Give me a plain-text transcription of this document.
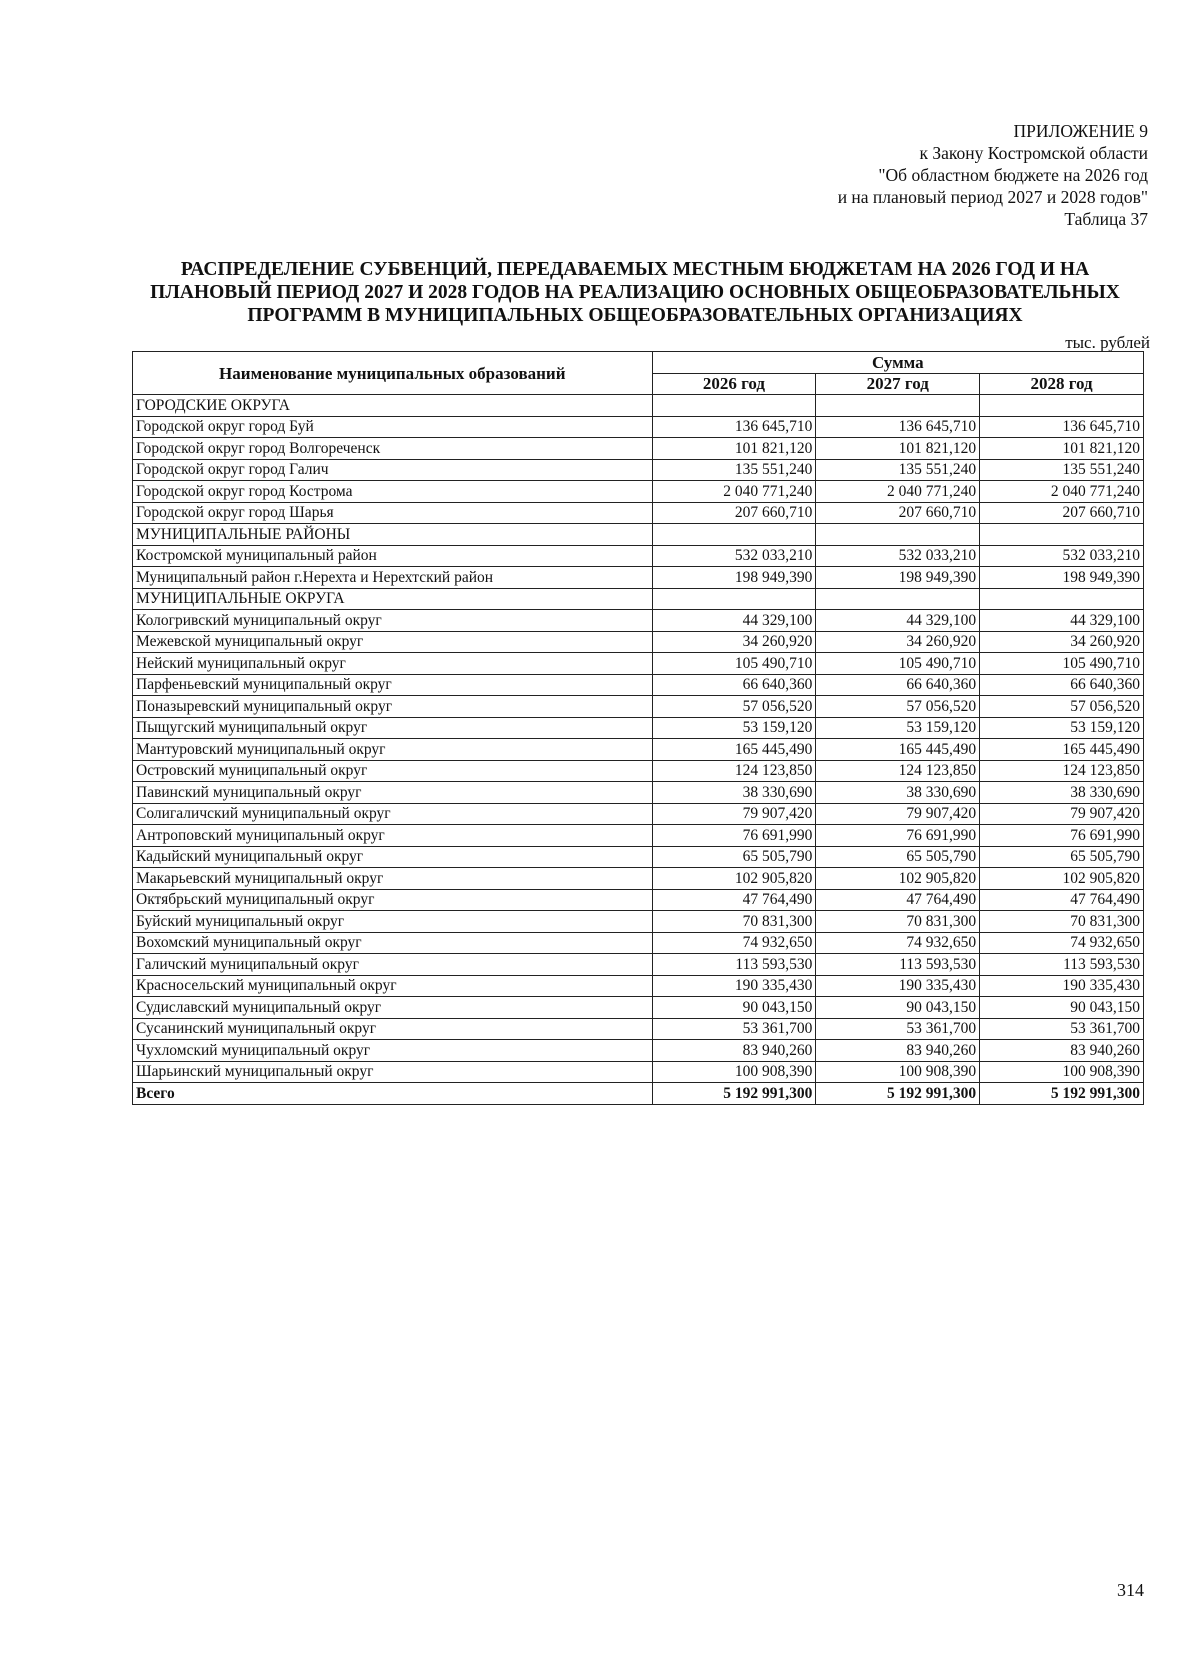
ПРИЛОЖЕНИЕ 9
к Закону Костромской области
"Об областном бюджете на 2026 год
и на плановый период 2027 и 2028 годов"
Таблица 37
РАСПРЕДЕЛЕНИЕ СУБВЕНЦИЙ, ПЕРЕДАВАЕМЫХ МЕСТНЫМ БЮДЖЕТАМ НА 2026 ГОД И НА
ПЛАНОВЫЙ ПЕРИОД 2027 И 2028 ГОДОВ НА РЕАЛИЗАЦИЮ ОСНОВНЫХ ОБЩЕОБРАЗОВАТЕЛЬНЫХ
ПРОГРАММ В МУНИЦИПАЛЬНЫХ ОБЩЕОБРАЗОВАТЕЛЬНЫХ ОРГАНИЗАЦИЯХ
тыс. рублей
Наименование муниципальных образований	Сумма		
	2026 год	2027 год	2028 год
ГОРОДСКИЕ ОКРУГА			
Городской округ город Буй	136 645,710	136 645,710	136 645,710
Городской округ город Волгореченск	101 821,120	101 821,120	101 821,120
Городской округ город Галич	135 551,240	135 551,240	135 551,240
Городской округ город Кострома	2 040 771,240	2 040 771,240	2 040 771,240
Городской округ город Шарья	207 660,710	207 660,710	207 660,710
МУНИЦИПАЛЬНЫЕ РАЙОНЫ			
Костромской муниципальный район	532 033,210	532 033,210	532 033,210
Муниципальный район г.Нерехта и Нерехтский район	198 949,390	198 949,390	198 949,390
МУНИЦИПАЛЬНЫЕ ОКРУГА			
Кологривский муниципальный округ	44 329,100	44 329,100	44 329,100
Межевской муниципальный округ	34 260,920	34 260,920	34 260,920
Нейский муниципальный округ	105 490,710	105 490,710	105 490,710
Парфеньевский муниципальный округ	66 640,360	66 640,360	66 640,360
Поназыревский муниципальный округ	57 056,520	57 056,520	57 056,520
Пыщугский муниципальный округ	53 159,120	53 159,120	53 159,120
Мантуровский муниципальный округ	165 445,490	165 445,490	165 445,490
Островский муниципальный округ	124 123,850	124 123,850	124 123,850
Павинский муниципальный округ	38 330,690	38 330,690	38 330,690
Солигаличский муниципальный округ	79 907,420	79 907,420	79 907,420
Антроповский муниципальный округ	76 691,990	76 691,990	76 691,990
Кадыйский муниципальный округ	65 505,790	65 505,790	65 505,790
Макарьевский муниципальный округ	102 905,820	102 905,820	102 905,820
Октябрьский муниципальный округ	47 764,490	47 764,490	47 764,490
Буйский муниципальный округ	70 831,300	70 831,300	70 831,300
Вохомский муниципальный округ	74 932,650	74 932,650	74 932,650
Галичский муниципальный округ	113 593,530	113 593,530	113 593,530
Красносельский муниципальный округ	190 335,430	190 335,430	190 335,430
Судиславский муниципальный округ	90 043,150	90 043,150	90 043,150
Сусанинский муниципальный округ	53 361,700	53 361,700	53 361,700
Чухломский муниципальный округ	83 940,260	83 940,260	83 940,260
Шарьинский муниципальный округ	100 908,390	100 908,390	100 908,390
Всего	5 192 991,300	5 192 991,300	5 192 991,300
314
